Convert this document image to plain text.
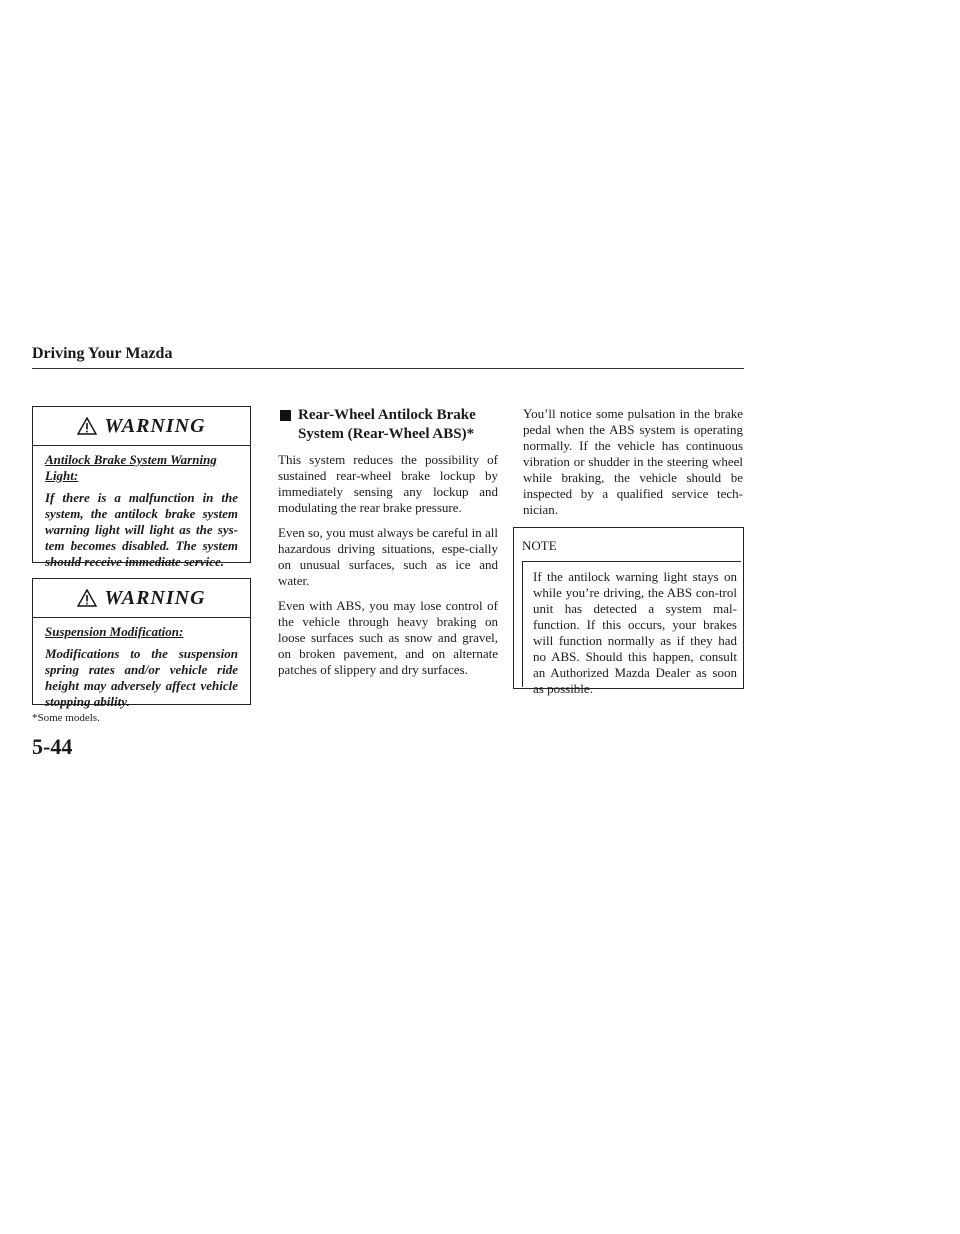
Driving Your Mazda
WARNING
Antilock Brake System Warning Light:
If there is a malfunction in the system, the antilock brake system warning light will light as the sys-tem becomes disabled. The system should receive immediate service.
WARNING
Suspension Modification:
Modifications to the suspension spring rates and/or vehicle ride height may adversely affect vehicle stopping ability.
*Some models.
5-44
Rear-Wheel Antilock Brake
System (Rear-Wheel ABS)*

This system reduces the possibility of sustained rear-wheel brake lockup by immediately sensing any lockup and modulating the rear brake pressure.

Even so, you must always be careful in all hazardous driving situations, espe-cially on unusual surfaces, such as ice and water.

Even with ABS, you may lose control of the vehicle through heavy braking on loose surfaces such as snow and gravel, on broken pavement, and on alternate patches of slippery and dry surfaces.

You’ll notice some pulsation in the brake pedal when the ABS system is operating normally. If the vehicle has continuous vibration or shudder in the steering wheel while braking, the vehicle should be inspected by a qualified service tech-nician.

NOTE
If the antilock warning light stays on while you’re driving, the ABS con-trol unit has detected a system mal-function. If this occurs, your brakes will function normally as if they had no ABS. Should this happen, consult an Authorized Mazda Dealer as soon as possible.
